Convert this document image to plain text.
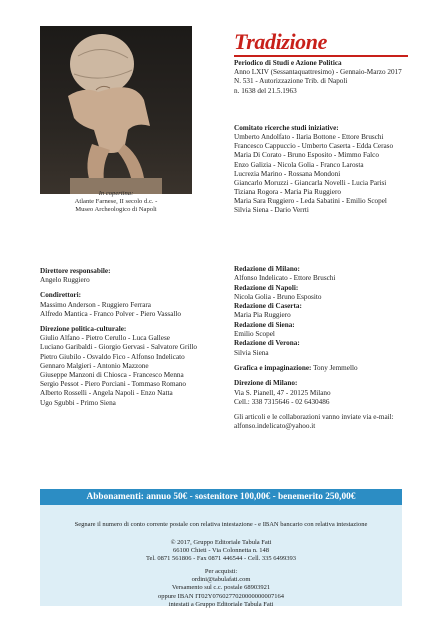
In copertina:
Atlante Farnese, II secolo d.c. -
Museo Archeologico di Napoli
Tradizione
Periodico di Studi e Azione Politica
Anno LXIV (Sessantaquattresimo) - Gennaio-Marzo 2017
N. 531 - Autorizzazione Trib. di Napoli
n. 1638 del 21.5.1963
Comitato ricerche studi iniziative:
Umberto Andolfato - Ilaria Bottone - Ettore Bruschi
Francesco Cappuccio - Umberto Caserta - Edda Ceraso
Maria Di Corato - Bruno Esposito - Mimmo Falco
Enzo Galizia - Nicola Golia - Franco Larosta
Lucrezia Marino - Rossana Mondoni
Giancarlo Moruzzi - Giancarla Novelli - Lucia Parisi
Tiziana Rogora - Maria Pia Ruggiero
Maria Sara Ruggiero - Leda Sabatini - Emilio Scopel
Silvia Siena - Dario Verrti
Direttore responsabile:
Angelo Ruggiero
Condirettori:
Massimo Anderson - Ruggiero Ferrara
Alfredo Mantica - Franco Polver - Piero Vassallo
Direzione politica-culturale:
Giulio Alfano - Pietro Cerullo - Luca Gallese
Luciano Garibaldi - Giorgio Gervasi - Salvatore Grillo
Pietro Giubilo - Osvaldo Fico - Alfonso Indelicato
Gennaro Malgieri - Antonio Mazzone
Giuseppe Manzoni di Chiosca - Francesco Menna
Sergio Pessot - Piero Porciani - Tommaso Romano
Alberto Rosselli - Angela Napoli - Enzo Natta
Ugo Sgubbi - Primo Siena
Redazione di Milano:
Alfonso Indelicato - Ettore Bruschi
Redazione di Napoli:
Nicola Golia - Bruno Esposito
Redazione di Caserta:
Maria Pia Ruggiero
Redazione di Siena:
Emilio Scopel
Redazione di Verona:
Silvia Siena
Grafica e impaginazione: Tony Jemmello
Direzione di Milano:
Via S. Pianell, 47 - 20125 Milano
Cell.: 338 7315646 - 02 6430486
Gli articoli e le collaborazioni vanno inviate via e-mail:
alfonso.indelicato@yahoo.it
Abbonamenti: annuo 50€ - sostenitore 100,00€ - benemerito 250,00€
Segnare il numero di conto corrente postale con relativa intestazione - e IBAN bancario con relativa intestazione
© 2017, Gruppo Editoriale Tabula Fati
66100 Chieti - Via Colonnetta n. 148
Tel. 0871 561806 - Fax 0871 446544 - Cell. 335 6499393
Per acquisti:
ordini@tabulafati.com
Versamento sul c.c. postale 68903921
oppure IBAN IT02Y0760277020000000007164
intestati a Gruppo Editoriale Tabula Fati
